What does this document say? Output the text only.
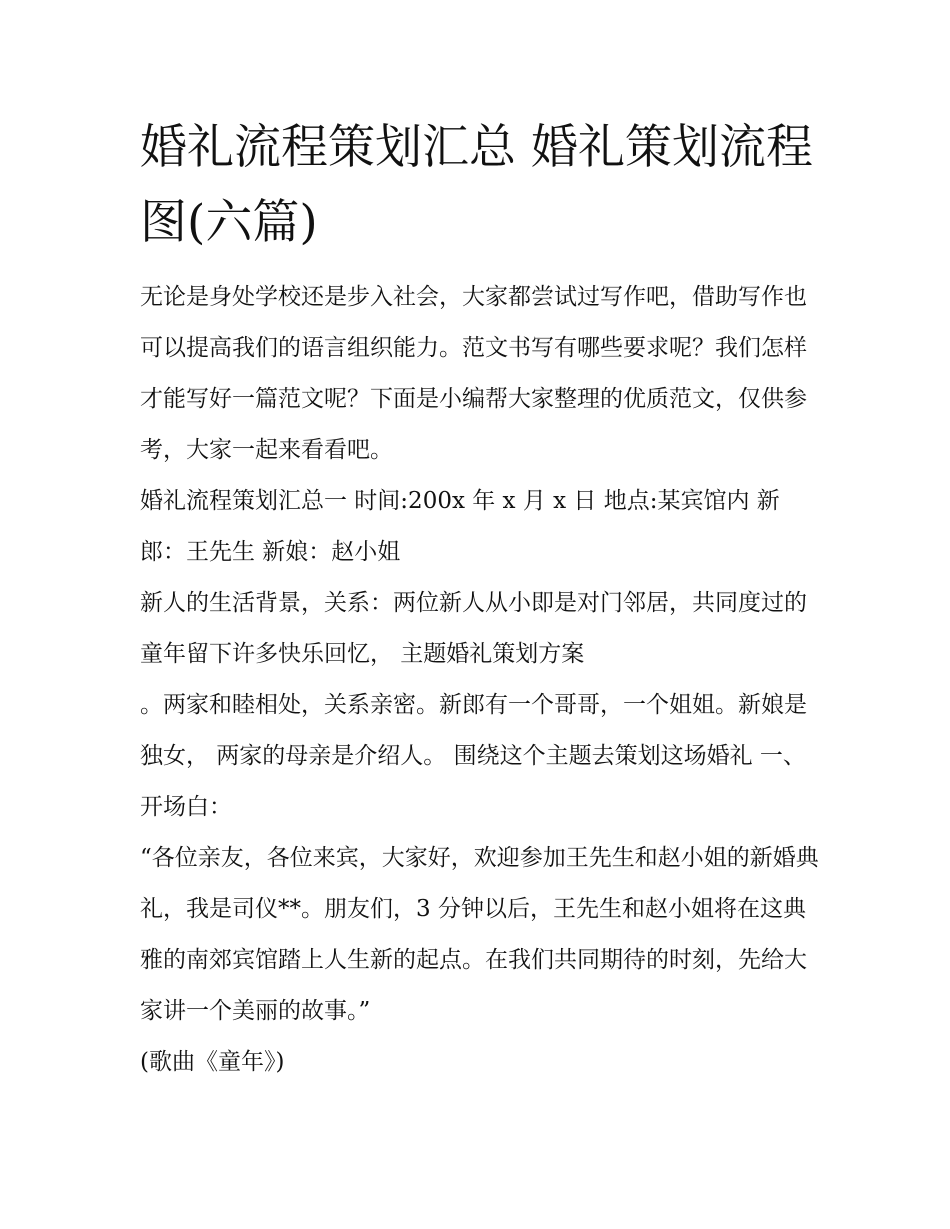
婚礼流程策划汇总 婚礼策划流程图(六篇)

无论是身处学校还是步入社会，大家都尝试过写作吧，借助写作也可以提高我们的语言组织能力。范文书写有哪些要求呢？我们怎样才能写好一篇范文呢？下面是小编帮大家整理的优质范文，仅供参考，大家一起来看看吧。

婚礼流程策划汇总一 时间:200x 年 x 月 x 日 地点:某宾馆内 新郎：王先生 新娘：赵小姐

新人的生活背景，关系：两位新人从小即是对门邻居，共同度过的童年留下许多快乐回忆， 主题婚礼策划方案

。两家和睦相处，关系亲密。新郎有一个哥哥，一个姐姐。新娘是独女， 两家的母亲是介绍人。 围绕这个主题去策划这场婚礼 一、开场白：

“各位亲友，各位来宾，大家好，欢迎参加王先生和赵小姐的新婚典礼，我是司仪**。朋友们，3 分钟以后，王先生和赵小姐将在这典雅的南郊宾馆踏上人生新的起点。在我们共同期待的时刻，先给大家讲一个美丽的故事。”

(歌曲《童年》)
